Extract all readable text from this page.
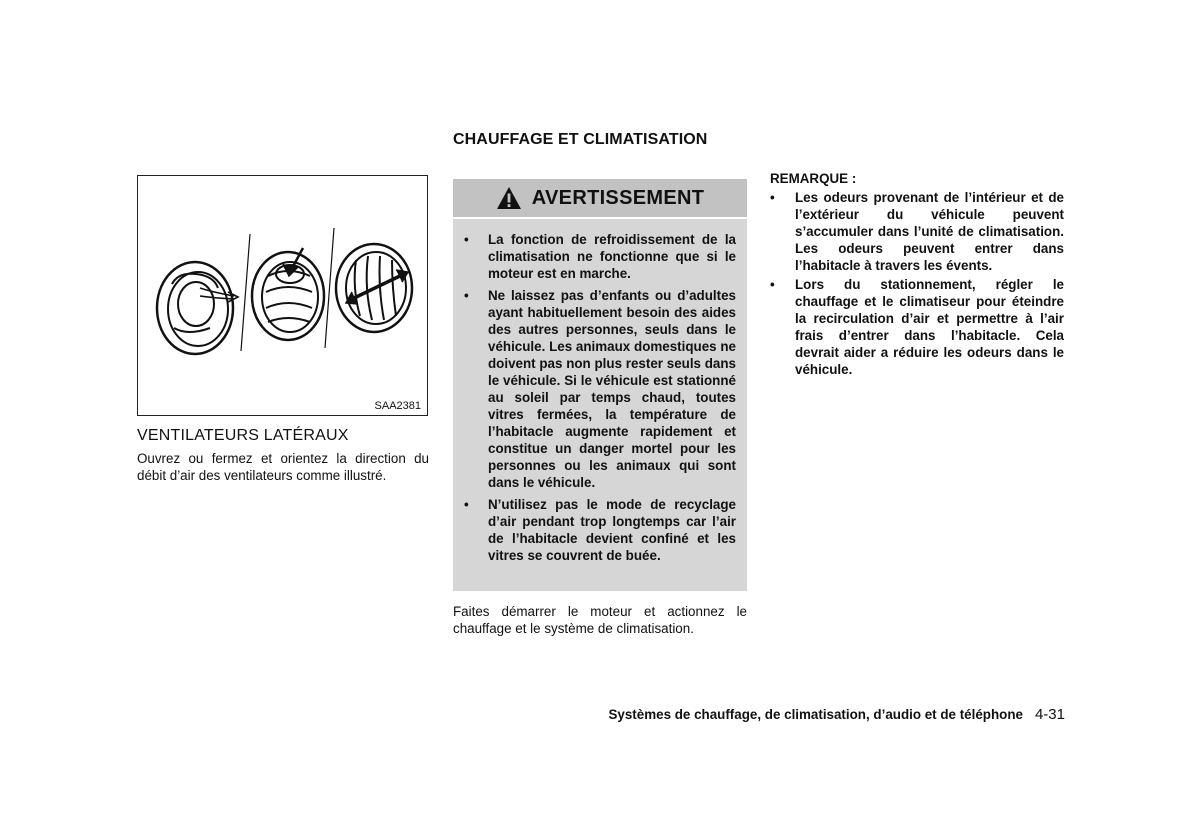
CHAUFFAGE ET CLIMATISATION
SAA2381
VENTILATEURS LATÉRAUX

Ouvrez ou fermez et orientez la direction du débit d’air des ventilateurs comme illustré.

AVERTISSEMENT
• La fonction de refroidissement de la climatisation ne fonctionne que si le moteur est en marche.
• Ne laissez pas d’enfants ou d’adultes ayant habituellement besoin des aides des autres personnes, seuls dans le véhicule. Les animaux domestiques ne doivent pas non plus rester seuls dans le véhicule. Si le véhicule est stationné au soleil par temps chaud, toutes vitres fermées, la température de l’habitacle augmente rapidement et constitue un danger mortel pour les personnes ou les animaux qui sont dans le véhicule.
• N’utilisez pas le mode de recyclage d’air pendant trop longtemps car l’air de l’habitacle devient confiné et les vitres se couvrent de buée.

Faites démarrer le moteur et actionnez le chauffage et le système de climatisation.

REMARQUE :

• Les odeurs provenant de l’intérieur et de l’extérieur du véhicule peuvent s’accumuler dans l’unité de climatisation. Les odeurs peuvent entrer dans l’habitacle à travers les évents.
• Lors du stationnement, régler le chauffage et le climatiseur pour éteindre la recirculation d’air et permettre à l’air frais d’entrer dans l’habitacle. Cela devrait aider a réduire les odeurs dans le véhicule.
Systèmes de chauffage, de climatisation, d’audio et de téléphone 4-31
